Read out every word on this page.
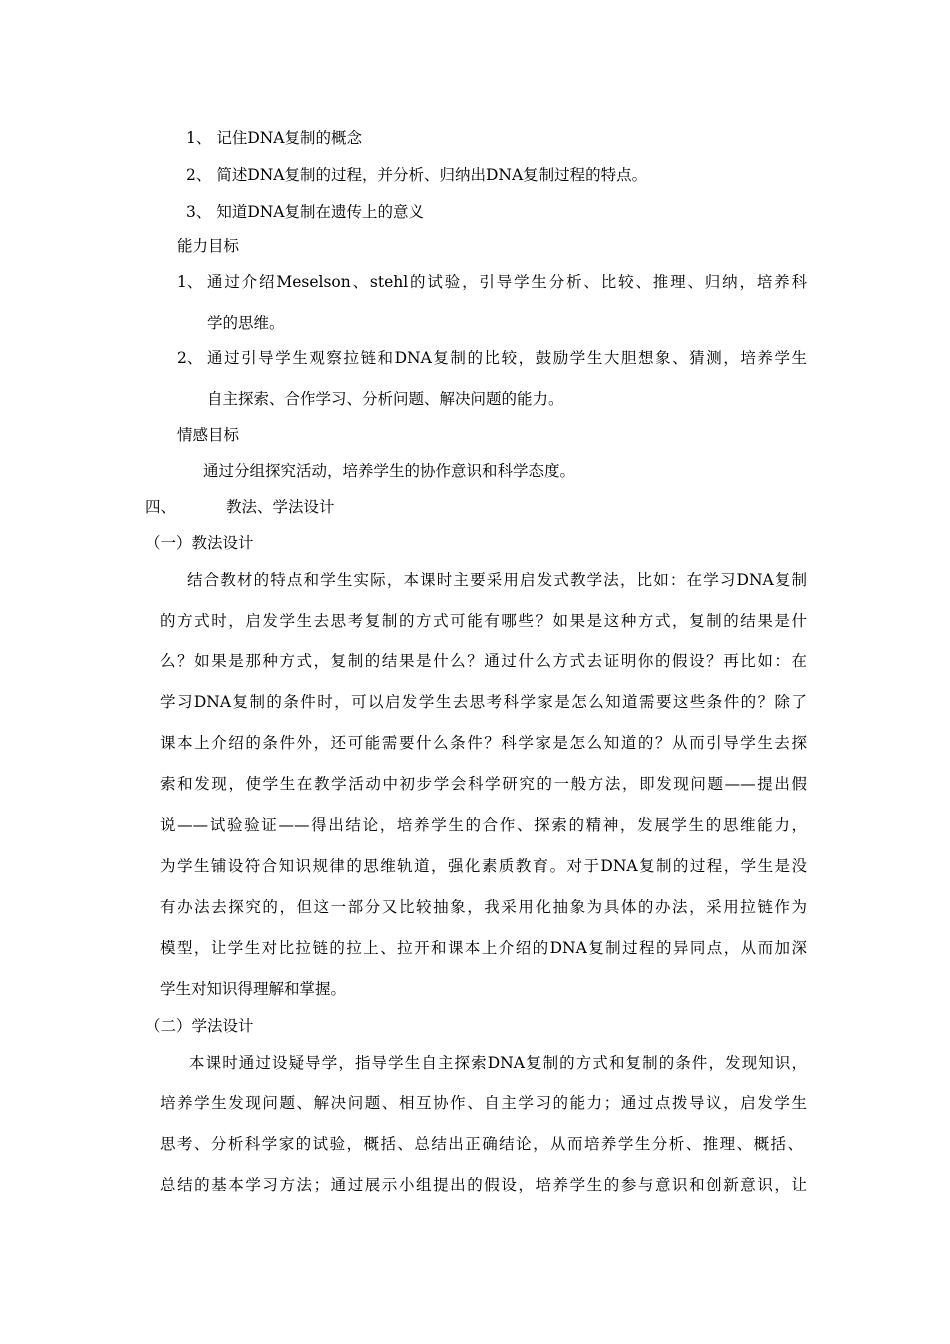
1、 记住DNA复制的概念

2、 简述DNA复制的过程，并分析、归纳出DNA复制过程的特点。

3、 知道DNA复制在遗传上的意义

能力目标

1、 通过介绍Meselson、stehl的试验，引导学生分析、比较、推理、归纳，培养科

学的思维。

2、 通过引导学生观察拉链和DNA复制的比较，鼓励学生大胆想象、猜测，培养学生

自主探索、合作学习、分析问题、解决问题的能力。

情感目标

通过分组探究活动，培养学生的协作意识和科学态度。

四、	教法、学法设计

（一）教法设计

结合教材的特点和学生实际，本课时主要采用启发式教学法，比如：在学习DNA复制

的方式时，启发学生去思考复制的方式可能有哪些？如果是这种方式，复制的结果是什

么？如果是那种方式，复制的结果是什么？通过什么方式去证明你的假设？再比如：在

学习DNA复制的条件时，可以启发学生去思考科学家是怎么知道需要这些条件的？除了

课本上介绍的条件外，还可能需要什么条件？科学家是怎么知道的？从而引导学生去探

索和发现，使学生在教学活动中初步学会科学研究的一般方法，即发现问题——提出假

说——试验验证——得出结论，培养学生的合作、探索的精神，发展学生的思维能力，

为学生铺设符合知识规律的思维轨道，强化素质教育。对于DNA复制的过程，学生是没

有办法去探究的，但这一部分又比较抽象，我采用化抽象为具体的办法，采用拉链作为

模型，让学生对比拉链的拉上、拉开和课本上介绍的DNA复制过程的异同点，从而加深

学生对知识得理解和掌握。

（二）学法设计

本课时通过设疑导学，指导学生自主探索DNA复制的方式和复制的条件，发现知识，

培养学生发现问题、解决问题、相互协作、自主学习的能力；通过点拨导议，启发学生

思考、分析科学家的试验，概括、总结出正确结论，从而培养学生分析、推理、概括、

总结的基本学习方法；通过展示小组提出的假设，培养学生的参与意识和创新意识，让
